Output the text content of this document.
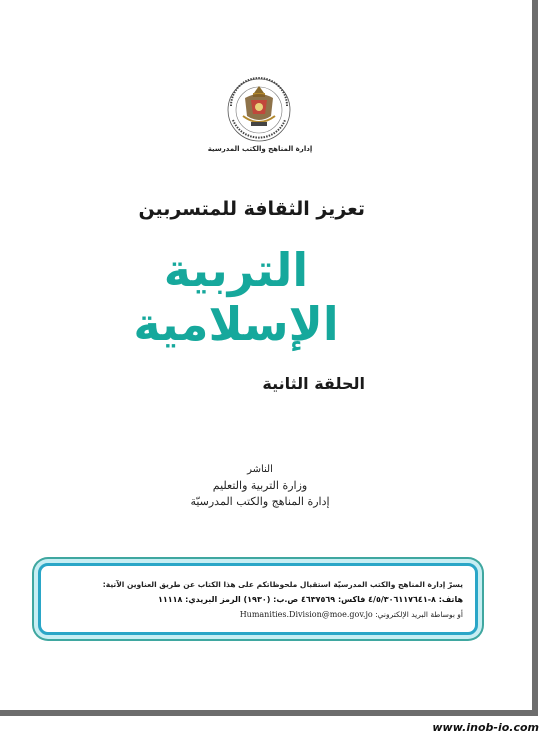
إدارة المناهج والكتب المدرسية
تعزيز الثقافة للمتسربين
التربية الإسلامية
الحلقة الثانية
الناشر
وزارة التربية والتعليم
إدارة المناهج والكتب المدرسيّة
يسرّ إدارة المناهج والكتب المدرسيّة استقبال ملحوظاتكم على هذا الكتاب عن طريق العناوين الآتية:
هاتف: ٨-٤/٥/٣٠٦١١٧٦٤١ فاكس: ٤٦٣٧٥٦٩ ص.ب: (١٩٣٠) الرمز البريدي: ١١١١٨
أو بوساطة البريد الإلكتروني: Humanities.Division@moe.gov.jo
www.inob-io.com
